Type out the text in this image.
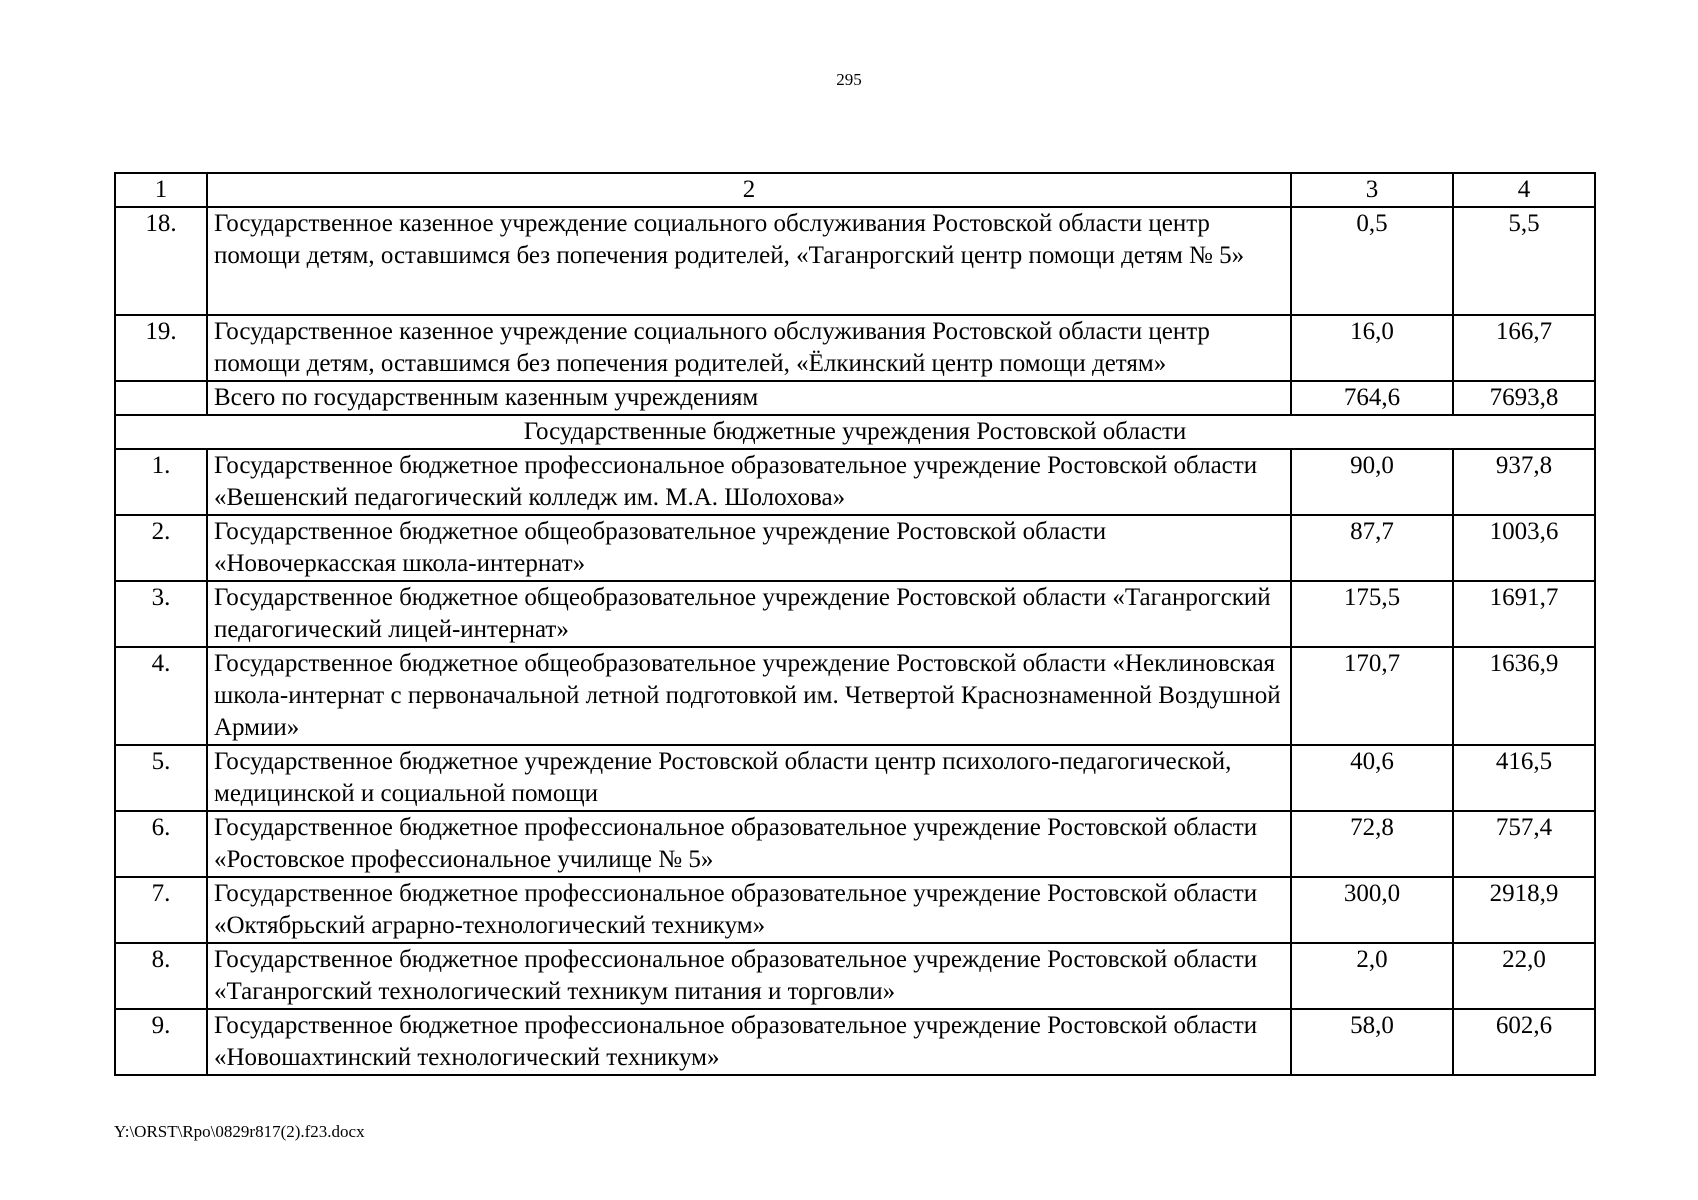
295
1	2	3	4
18.	Государственное казенное учреждение социального обслуживания Ростовской области центр помощи детям, оставшимся без попечения родителей, «Таганрогский центр помощи детям № 5»	0,5	5,5
19.	Государственное казенное учреждение социального обслуживания Ростовской области центр помощи детям, оставшимся без попечения родителей, «Ёлкинский центр помощи детям»	16,0	166,7
	Всего по государственным казенным учреждениям	764,6	7693,8
Государственные бюджетные учреждения Ростовской области			
1.	Государственное бюджетное профессиональное образовательное учреждение Ростовской области «Вешенский педагогический колледж им. М.А. Шолохова»	90,0	937,8
2.	Государственное бюджетное общеобразовательное учреждение Ростовской области «Новочеркасская школа-интернат»	87,7	1003,6
3.	Государственное бюджетное общеобразовательное учреждение Ростовской области «Таганрогский педагогический лицей-интернат»	175,5	1691,7
4.	Государственное бюджетное общеобразовательное учреждение Ростовской области «Неклиновская школа-интернат с первоначальной летной подготовкой им. Четвертой Краснознаменной Воздушной Армии»	170,7	1636,9
5.	Государственное бюджетное учреждение Ростовской области центр психолого-педагогической, медицинской и социальной помощи	40,6	416,5
6.	Государственное бюджетное профессиональное образовательное учреждение Ростовской области «Ростовское профессиональное училище № 5»	72,8	757,4
7.	Государственное бюджетное профессиональное образовательное учреждение Ростовской области «Октябрьский аграрно-технологический техникум»	300,0	2918,9
8.	Государственное бюджетное профессиональное образовательное учреждение Ростовской области «Таганрогский технологический техникум питания и торговли»	2,0	22,0
9.	Государственное бюджетное профессиональное образовательное учреждение Ростовской области «Новошахтинский технологический техникум»	58,0	602,6
Y:\ORST\Rpo\0829r817(2).f23.docx
